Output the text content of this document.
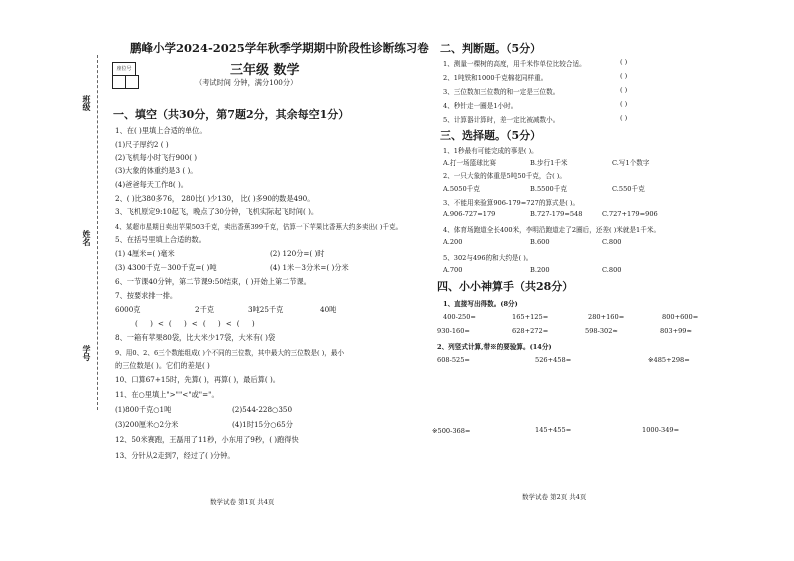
班级
姓名
学号
座位号
鹏峰小学2024-2025学年秋季学期期中阶段性诊断练习卷
三年级 数学
（考试时间 分钟，满分100分）
一、填空（共30分，第7题2分，其余每空1分）
1、在( )里填上合适的单位。
(1)尺子厚约2 ( )
(2)飞机每小时飞行900( )
(3)大象的体重约是3 ( )。
(4)爸爸每天工作8( )。
2、( )比380多76， 280比( )少130， 比( )多90的数是490。
3、飞机原定9:10起飞，晚点了30分钟，飞机实际起飞时间( )。
4、某超市星期日卖出苹果503千克，卖出香蕉399千克，估算一下苹果比香蕉大约多卖出( )千克。
5、在括号里填上合适的数。
(1) 4厘米=( )毫米	(2) 120分=( )时
(3) 4300千克－300千克=( )吨	(4) 1米－3分米=( )分米
6、一节课40分钟，第二节课9:50结束，( )开始上第二节课。
7、按要求排一排。
6000克	2千克	3吨25千克	40吨
( )<( )<( )<( )
8、一箱有苹果80袋，比大米少17袋，大米有( )袋
9、用0、2、6三个数能组成( )个不同的三位数，其中最大的三位数是( )，最小
的三位数是( )。它们的差是( )
10、口算67+15时，先算( )，再算( )，最后算( )。
11、在○里填上">""<"或"="。
(1)800千克○1吨	(2)544-228○350
(3)200厘米○2分米	(4)1时15分○65分
12、50米赛跑，王磊用了11秒，小东用了9秒，( )跑得快
13、分针从2走到7，经过了( )分钟。
数学试卷 第1页 共4页
二、判断题。（5分）
1、测量一棵树的高度，用千米作单位比较合适。	( )
2、1吨铁和1000千克棉花同样重。	( )
3、三位数加三位数的和一定是三位数。	( )
4、秒针走一圈是1小时。	( )
5、计算器计算时，差一定比被减数小。	( )
三、选择题。（5分）
1、1秒最有可能完成的事是( )。
A.打一场篮球比赛	B.步行1千米	C.写1个数字
2、一只大象的体重是5吨50千克，合( )。
A.5050千克	B.5500千克	C.550千克
3、不能用来验算906-179=727的算式是( )。
A.906-727=179	B.727-179=548	C.727+179=906
4、体育场跑道全长400米，李明沿跑道走了2圈后，还差( )米就是1千米。
A.200	B.600	C.800
5、302与496的和大约是( )。
A.700	B.200	C.800
四、小小神算手（共28分）
1、直接写出得数。(8分)
400-250=	165+125=	280+160=	800+600=
930-160=	628+272=	598-302≈	803+99≈
2、列竖式计算,带※的要验算。(14分)
608-525=	526+458=	※485+298=
※500-368=	145+455=	1000-349=
数学试卷 第2页 共4页
